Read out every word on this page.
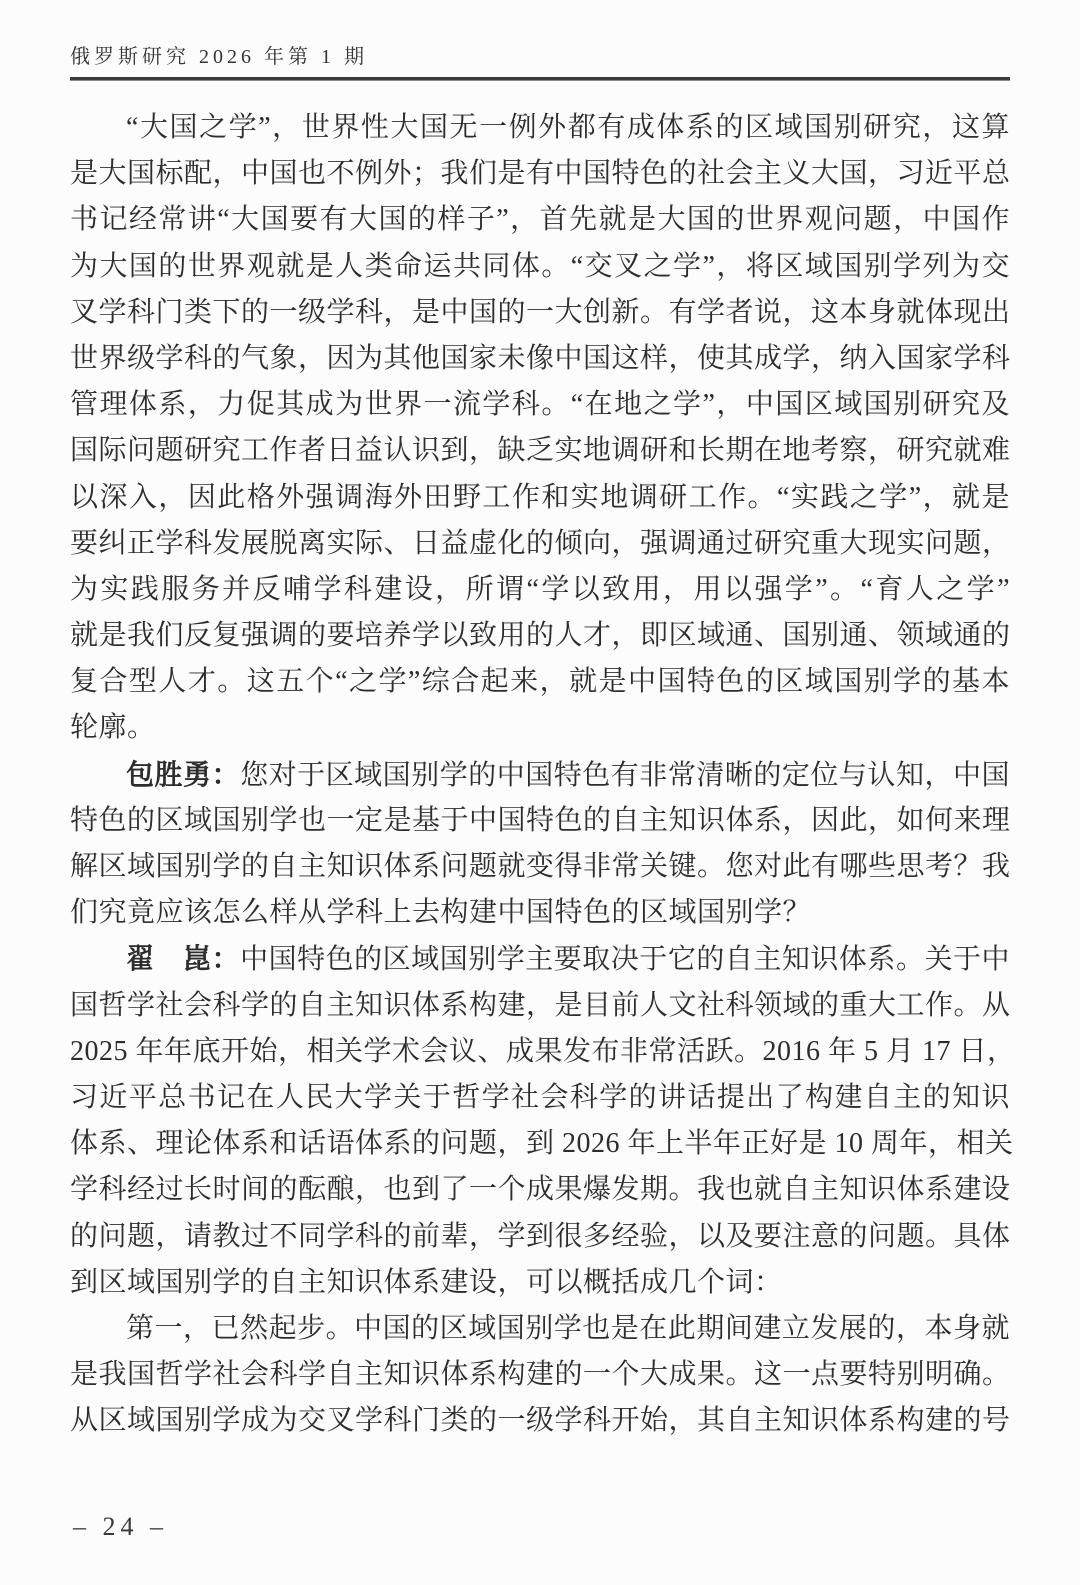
俄罗斯研究 2026 年第 1 期
“大国之学”，世界性大国无一例外都有成体系的区域国别研究，这算
是大国标配，中国也不例外；我们是有中国特色的社会主义大国，习近平总
书记经常讲“大国要有大国的样子”，首先就是大国的世界观问题，中国作
为大国的世界观就是人类命运共同体。“交叉之学”，将区域国别学列为交
叉学科门类下的一级学科，是中国的一大创新。有学者说，这本身就体现出
世界级学科的气象，因为其他国家未像中国这样，使其成学，纳入国家学科
管理体系，力促其成为世界一流学科。“在地之学”，中国区域国别研究及
国际问题研究工作者日益认识到，缺乏实地调研和长期在地考察，研究就难
以深入，因此格外强调海外田野工作和实地调研工作。“实践之学”，就是
要纠正学科发展脱离实际、日益虚化的倾向，强调通过研究重大现实问题，
为实践服务并反哺学科建设，所谓“学以致用，用以强学”。“育人之学”
就是我们反复强调的要培养学以致用的人才，即区域通、国别通、领域通的
复合型人才。这五个“之学”综合起来，就是中国特色的区域国别学的基本
轮廓。
包胜勇：您对于区域国别学的中国特色有非常清晰的定位与认知，中国
特色的区域国别学也一定是基于中国特色的自主知识体系，因此，如何来理
解区域国别学的自主知识体系问题就变得非常关键。您对此有哪些思考？我
们究竟应该怎么样从学科上去构建中国特色的区域国别学？
翟　崑：中国特色的区域国别学主要取决于它的自主知识体系。关于中
国哲学社会科学的自主知识体系构建，是目前人文社科领域的重大工作。从
2025 年年底开始，相关学术会议、成果发布非常活跃。2016 年 5 月 17 日，
习近平总书记在人民大学关于哲学社会科学的讲话提出了构建自主的知识
体系、理论体系和话语体系的问题，到 2026 年上半年正好是 10 周年，相关
学科经过长时间的酝酿，也到了一个成果爆发期。我也就自主知识体系建设
的问题，请教过不同学科的前辈，学到很多经验，以及要注意的问题。具体
到区域国别学的自主知识体系建设，可以概括成几个词：
第一，已然起步。中国的区域国别学也是在此期间建立发展的，本身就
是我国哲学社会科学自主知识体系构建的一个大成果。这一点要特别明确。
从区域国别学成为交叉学科门类的一级学科开始，其自主知识体系构建的号
– 24 –
